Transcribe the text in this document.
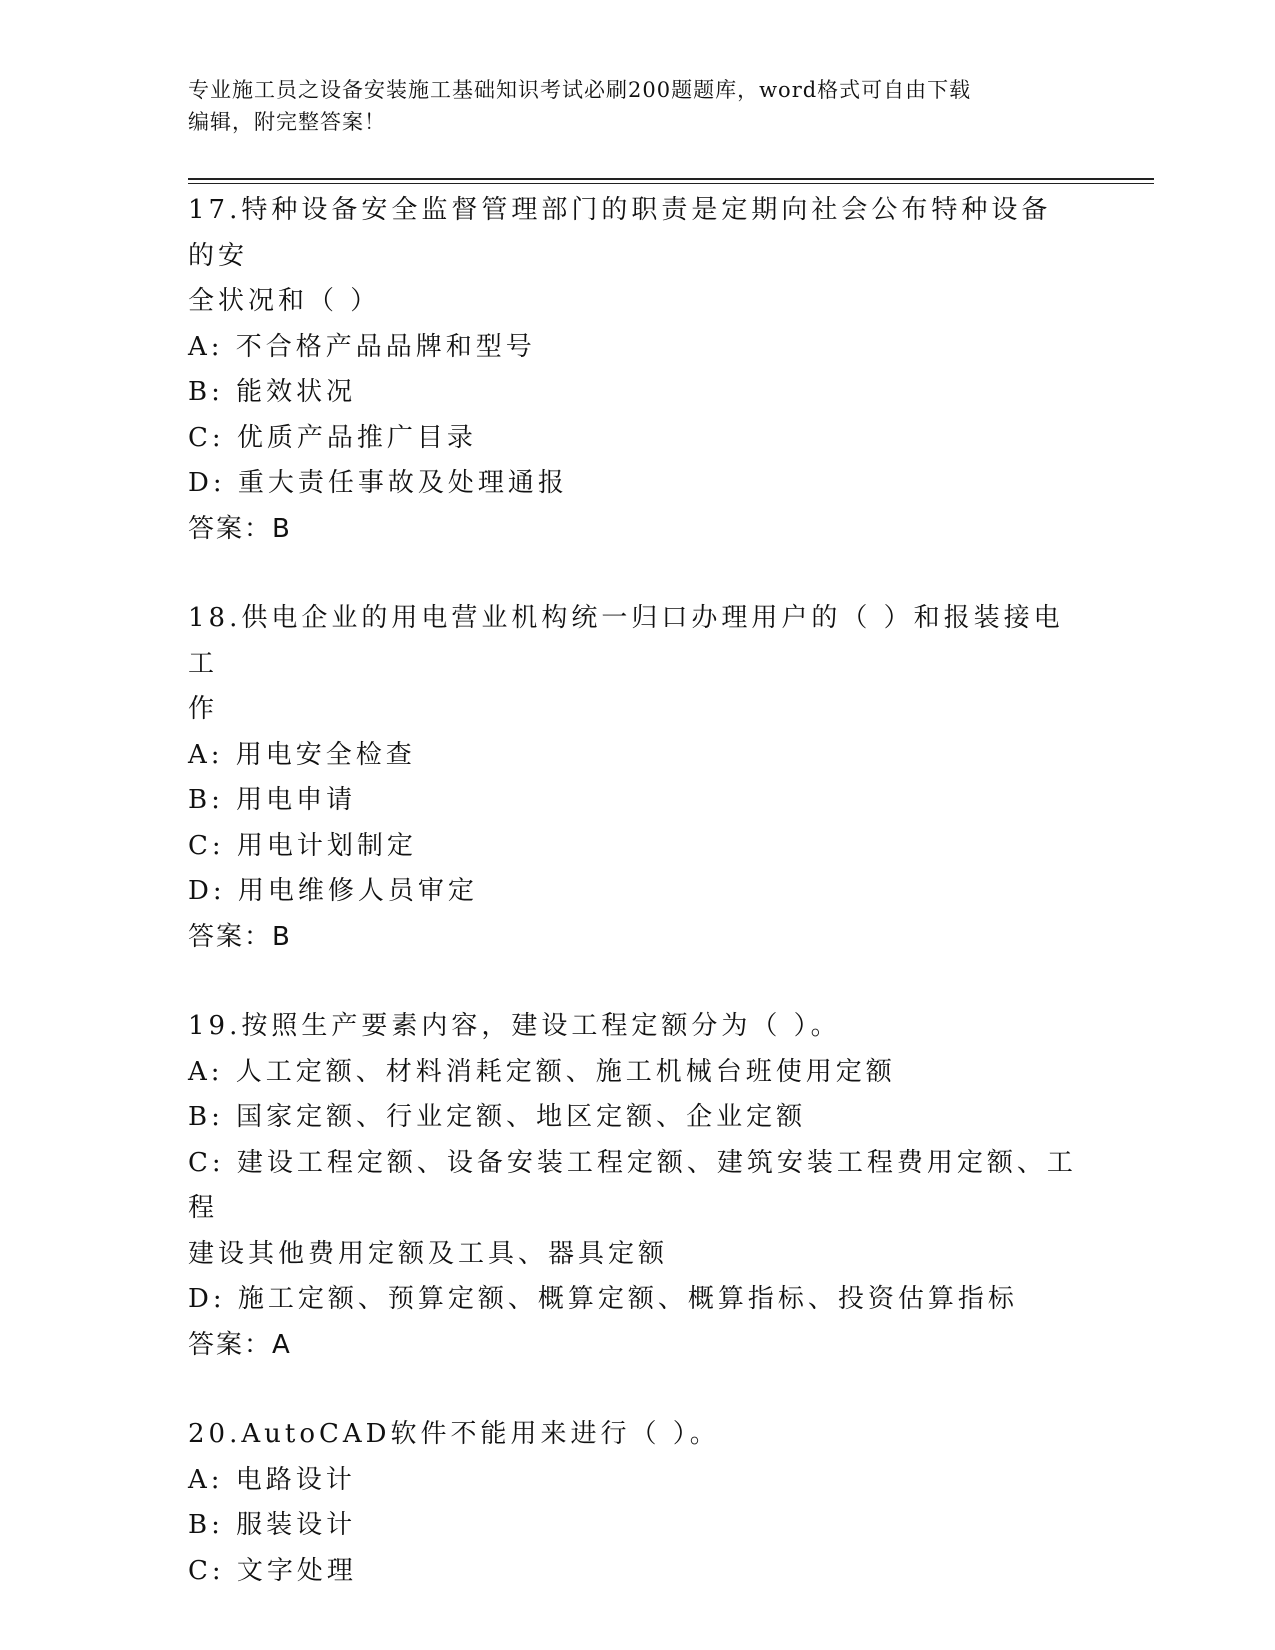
专业施工员之设备安装施工基础知识考试必刷200题题库，word格式可自由下载
编辑，附完整答案！
17.特种设备安全监督管理部门的职责是定期向社会公布特种设备的安
全状况和（ ）
A: 不合格产品品牌和型号
B: 能效状况
C: 优质产品推广目录
D: 重大责任事故及处理通报
答案：B
18.供电企业的用电营业机构统一归口办理用户的（ ）和报装接电工
作
A: 用电安全检查
B: 用电申请
C: 用电计划制定
D: 用电维修人员审定
答案：B
19.按照生产要素内容，建设工程定额分为（ ）。
A: 人工定额、材料消耗定额、施工机械台班使用定额
B: 国家定额、行业定额、地区定额、企业定额
C: 建设工程定额、设备安装工程定额、建筑安装工程费用定额、工程
建设其他费用定额及工具、器具定额
D: 施工定额、预算定额、概算定额、概算指标、投资估算指标
答案：A
20.AutoCAD软件不能用来进行（ ）。
A: 电路设计
B: 服装设计
C: 文字处理
